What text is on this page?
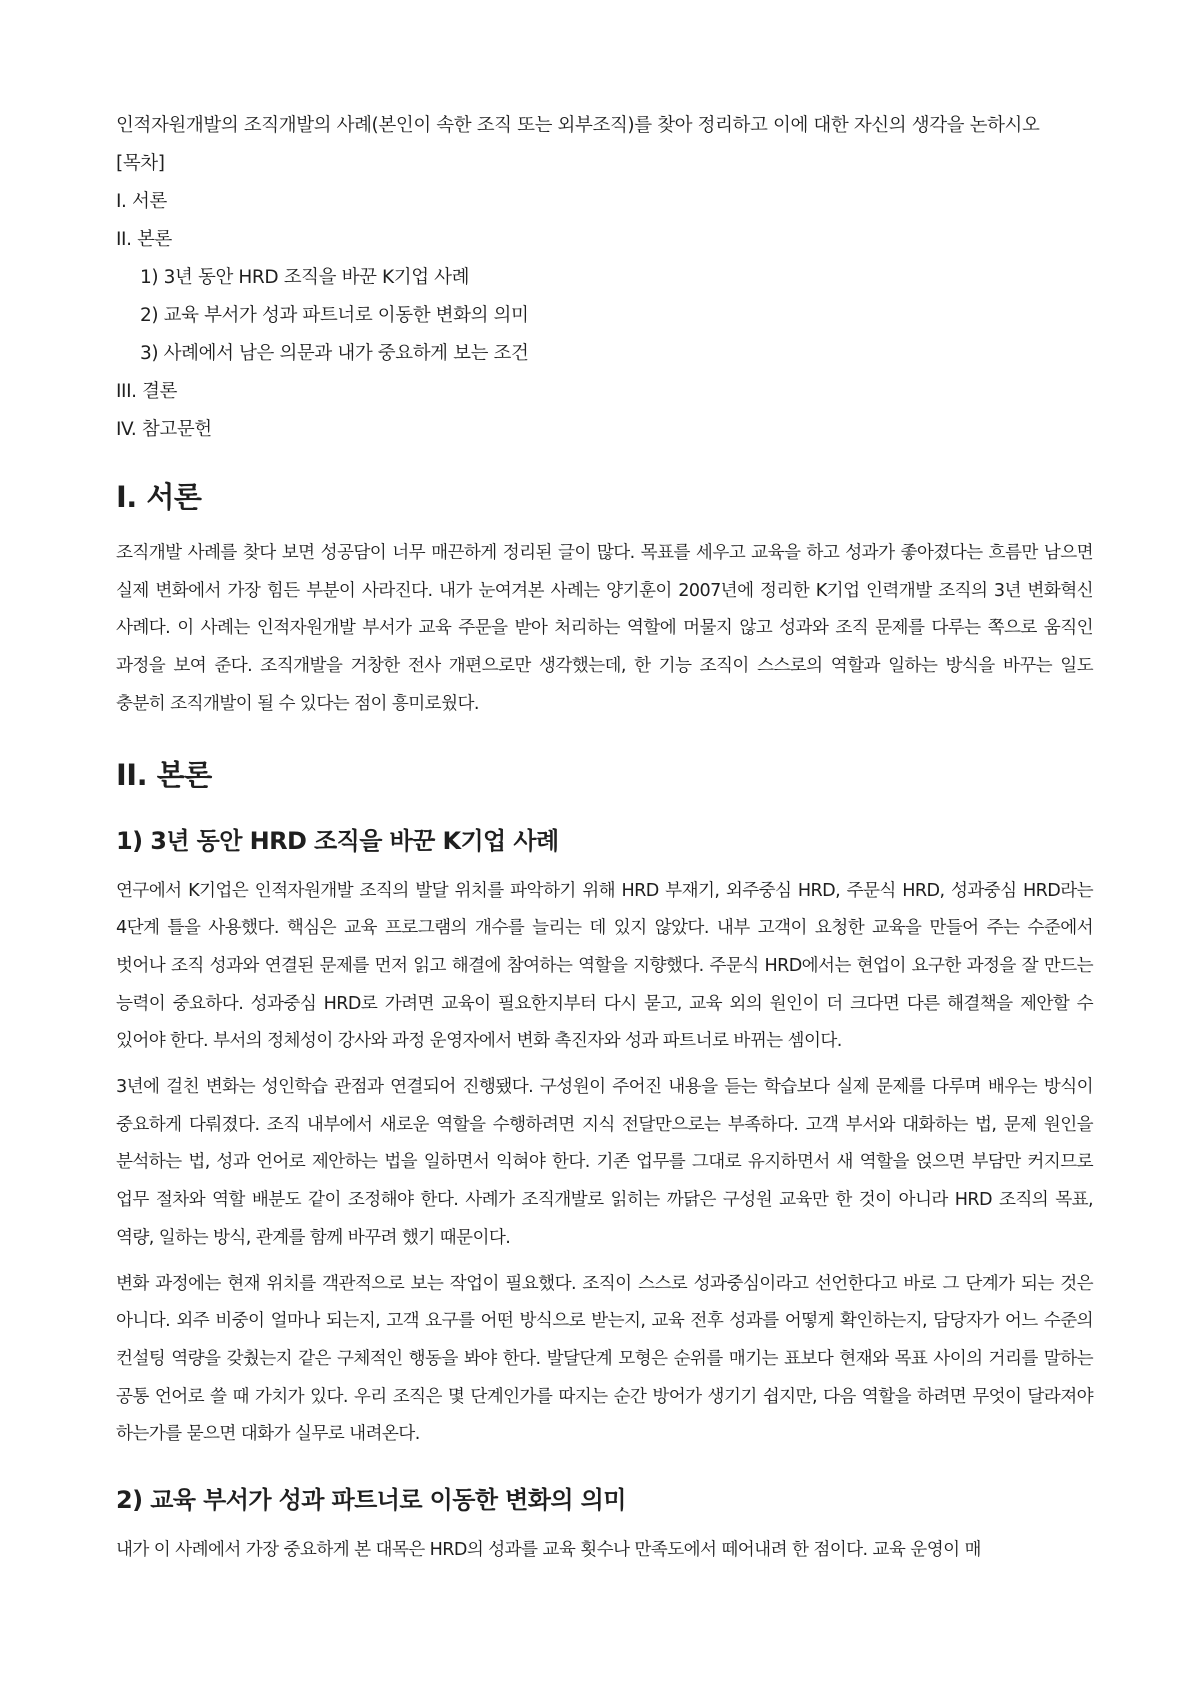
인적자원개발의 조직개발의 사례(본인이 속한 조직 또는 외부조직)를 찾아 정리하고 이에 대한 자신의 생각을 논하시오

[목차]

I. 서론
II. 본론
1) 3년 동안 HRD 조직을 바꾼 K기업 사례
2) 교육 부서가 성과 파트너로 이동한 변화의 의미
3) 사례에서 남은 의문과 내가 중요하게 보는 조건
III. 결론
IV. 참고문헌
I. 서론

조직개발 사례를 찾다 보면 성공담이 너무 매끈하게 정리된 글이 많다. 목표를 세우고 교육을 하고 성과가 좋아졌다는 흐름만 남으면 실제 변화에서 가장 힘든 부분이 사라진다. 내가 눈여겨본 사례는 양기훈이 2007년에 정리한 K기업 인력개발 조직의 3년 변화혁신 사례다. 이 사례는 인적자원개발 부서가 교육 주문을 받아 처리하는 역할에 머물지 않고 성과와 조직 문제를 다루는 쪽으로 움직인 과정을 보여 준다. 조직개발을 거창한 전사 개편으로만 생각했는데, 한 기능 조직이 스스로의 역할과 일하는 방식을 바꾸는 일도 충분히 조직개발이 될 수 있다는 점이 흥미로웠다.

II. 본론
1) 3년 동안 HRD 조직을 바꾼 K기업 사례

연구에서 K기업은 인적자원개발 조직의 발달 위치를 파악하기 위해 HRD 부재기, 외주중심 HRD, 주문식 HRD, 성과중심 HRD라는 4단계 틀을 사용했다. 핵심은 교육 프로그램의 개수를 늘리는 데 있지 않았다. 내부 고객이 요청한 교육을 만들어 주는 수준에서 벗어나 조직 성과와 연결된 문제를 먼저 읽고 해결에 참여하는 역할을 지향했다. 주문식 HRD에서는 현업이 요구한 과정을 잘 만드는 능력이 중요하다. 성과중심 HRD로 가려면 교육이 필요한지부터 다시 묻고, 교육 외의 원인이 더 크다면 다른 해결책을 제안할 수 있어야 한다. 부서의 정체성이 강사와 과정 운영자에서 변화 촉진자와 성과 파트너로 바뀌는 셈이다.

3년에 걸친 변화는 성인학습 관점과 연결되어 진행됐다. 구성원이 주어진 내용을 듣는 학습보다 실제 문제를 다루며 배우는 방식이 중요하게 다뤄졌다. 조직 내부에서 새로운 역할을 수행하려면 지식 전달만으로는 부족하다. 고객 부서와 대화하는 법, 문제 원인을 분석하는 법, 성과 언어로 제안하는 법을 일하면서 익혀야 한다. 기존 업무를 그대로 유지하면서 새 역할을 얹으면 부담만 커지므로 업무 절차와 역할 배분도 같이 조정해야 한다. 사례가 조직개발로 읽히는 까닭은 구성원 교육만 한 것이 아니라 HRD 조직의 목표, 역량, 일하는 방식, 관계를 함께 바꾸려 했기 때문이다.

변화 과정에는 현재 위치를 객관적으로 보는 작업이 필요했다. 조직이 스스로 성과중심이라고 선언한다고 바로 그 단계가 되는 것은 아니다. 외주 비중이 얼마나 되는지, 고객 요구를 어떤 방식으로 받는지, 교육 전후 성과를 어떻게 확인하는지, 담당자가 어느 수준의 컨설팅 역량을 갖췄는지 같은 구체적인 행동을 봐야 한다. 발달단계 모형은 순위를 매기는 표보다 현재와 목표 사이의 거리를 말하는 공통 언어로 쓸 때 가치가 있다. 우리 조직은 몇 단계인가를 따지는 순간 방어가 생기기 쉽지만, 다음 역할을 하려면 무엇이 달라져야 하는가를 묻으면 대화가 실무로 내려온다.

2) 교육 부서가 성과 파트너로 이동한 변화의 의미

내가 이 사례에서 가장 중요하게 본 대목은 HRD의 성과를 교육 횟수나 만족도에서 떼어내려 한 점이다. 교육 운영이 매
